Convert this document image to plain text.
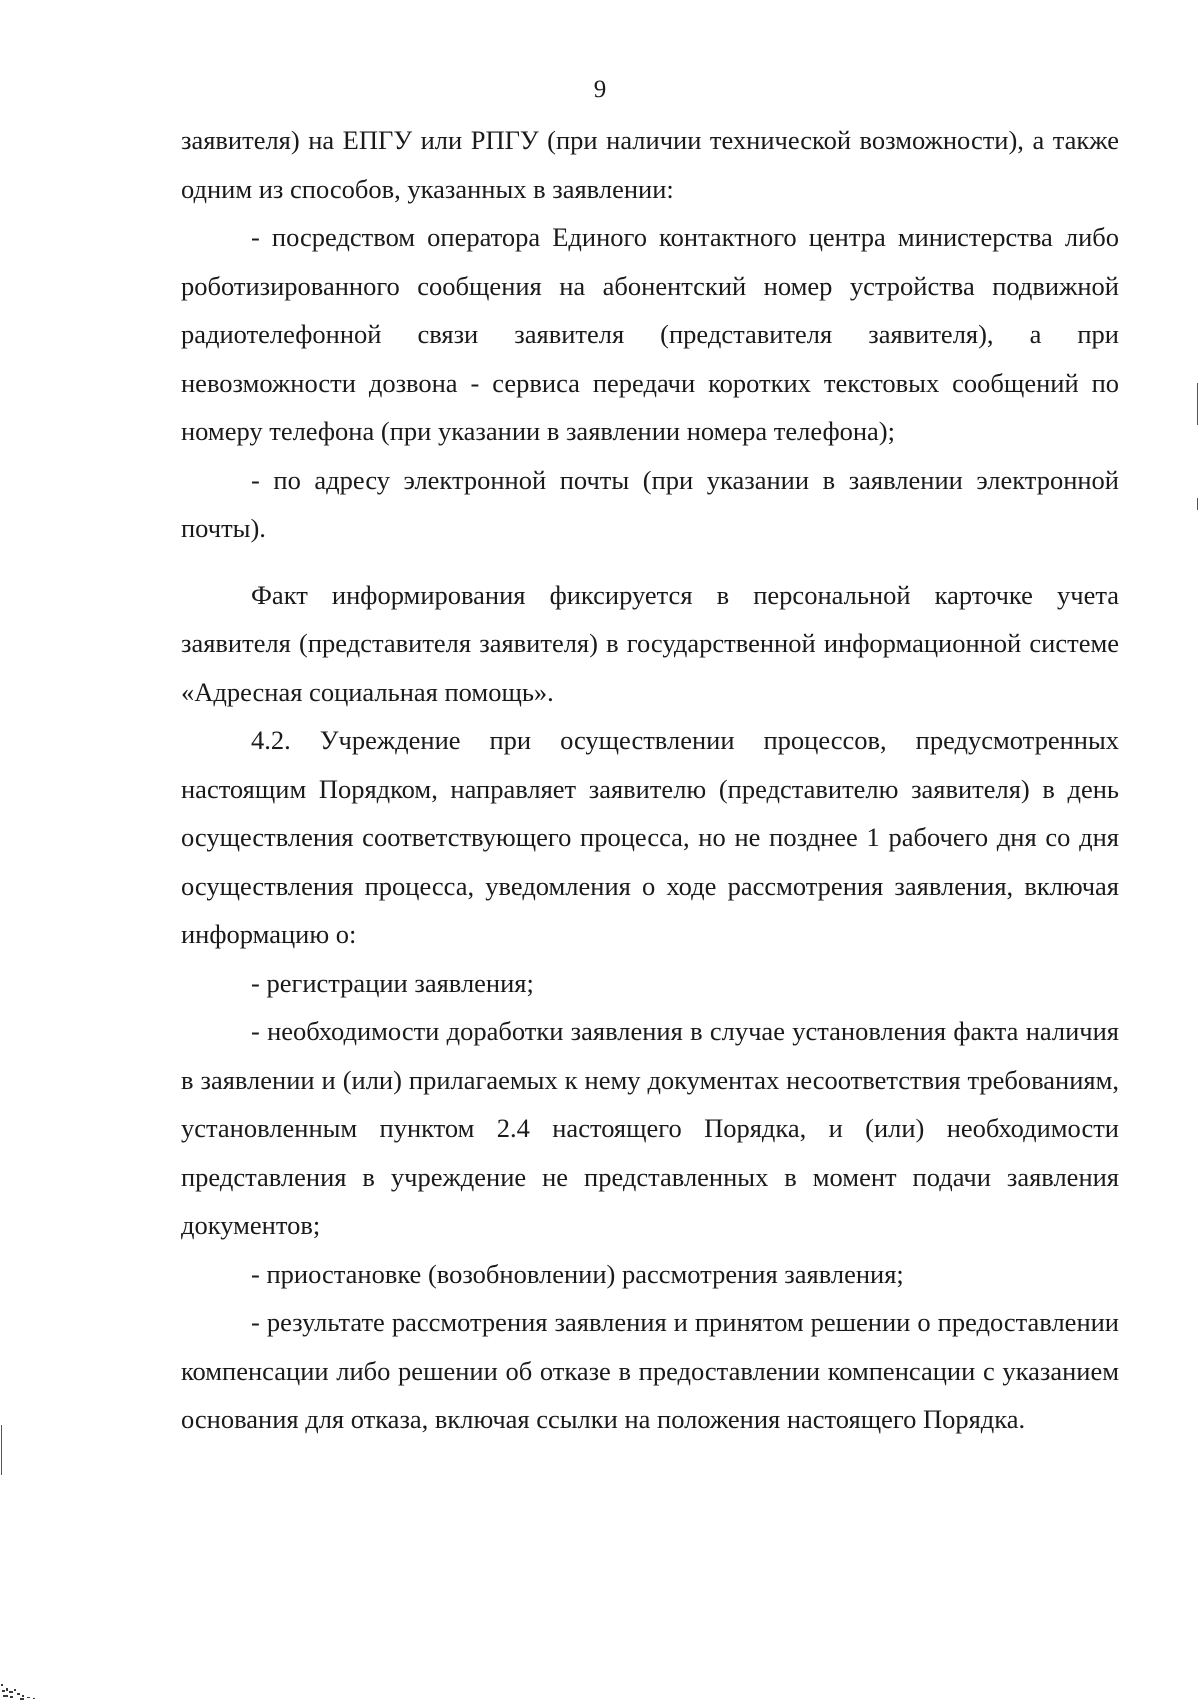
9

заявителя) на ЕПГУ или РПГУ (при наличии технической возможности), а также одним из способов, указанных в заявлении:

- посредством оператора Единого контактного центра министерства либо роботизированного сообщения на абонентский номер устройства подвижной радиотелефонной связи заявителя (представителя заявителя), а при невозможности дозвона - сервиса передачи коротких текстовых сообщений по номеру телефона (при указании в заявлении номера телефона);

- по адресу электронной почты (при указании в заявлении электронной почты).

Факт информирования фиксируется в персональной карточке учета заявителя (представителя заявителя) в государственной информационной системе «Адресная социальная помощь».

4.2. Учреждение при осуществлении процессов, предусмотренных настоящим Порядком, направляет заявителю (представителю заявителя) в день осуществления соответствующего процесса, но не позднее 1 рабочего дня со дня осуществления процесса, уведомления о ходе рассмотрения заявления, включая информацию о:

- регистрации заявления;

- необходимости доработки заявления в случае установления факта наличия в заявлении и (или) прилагаемых к нему документах несоответствия требованиям, установленным пунктом 2.4 настоящего Порядка, и (или) необходимости представления в учреждение не представленных в момент подачи заявления документов;

- приостановке (возобновлении) рассмотрения заявления;

- результате рассмотрения заявления и принятом решении о предоставлении компенсации либо решении об отказе в предоставлении компенсации с указанием основания для отказа, включая ссылки на положения настоящего Порядка.
